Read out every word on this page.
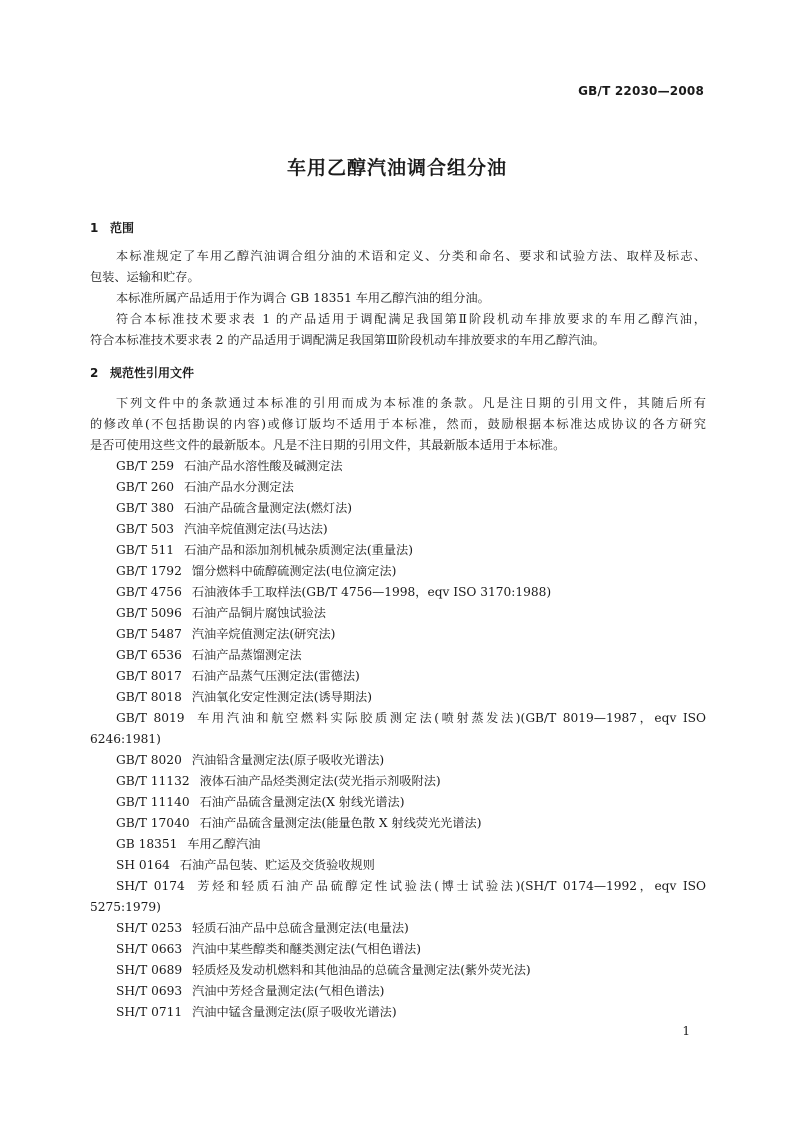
GB/T 22030—2008
车用乙醇汽油调合组分油
1 范围
本标准规定了车用乙醇汽油调合组分油的术语和定义、分类和命名、要求和试验方法、取样及标志、
包装、运输和贮存。
本标准所属产品适用于作为调合 GB 18351 车用乙醇汽油的组分油。
符合本标准技术要求表 1 的产品适用于调配满足我国第Ⅱ阶段机动车排放要求的车用乙醇汽油，
符合本标准技术要求表 2 的产品适用于调配满足我国第Ⅲ阶段机动车排放要求的车用乙醇汽油。
2 规范性引用文件
下列文件中的条款通过本标准的引用而成为本标准的条款。凡是注日期的引用文件，其随后所有
的修改单(不包括勘误的内容)或修订版均不适用于本标准，然而，鼓励根据本标准达成协议的各方研究
是否可使用这些文件的最新版本。凡是不注日期的引用文件，其最新版本适用于本标准。
GB/T 259 石油产品水溶性酸及碱测定法
GB/T 260 石油产品水分测定法
GB/T 380 石油产品硫含量测定法(燃灯法)
GB/T 503 汽油辛烷值测定法(马达法)
GB/T 511 石油产品和添加剂机械杂质测定法(重量法)
GB/T 1792 馏分燃料中硫醇硫测定法(电位滴定法)
GB/T 4756 石油液体手工取样法(GB/T 4756—1998，eqv ISO 3170:1988)
GB/T 5096 石油产品铜片腐蚀试验法
GB/T 5487 汽油辛烷值测定法(研究法)
GB/T 6536 石油产品蒸馏测定法
GB/T 8017 石油产品蒸气压测定法(雷德法)
GB/T 8018 汽油氧化安定性测定法(诱导期法)
GB/T 8019 车用汽油和航空燃料实际胶质测定法(喷射蒸发法)(GB/T 8019—1987，eqv ISO
6246:1981)
GB/T 8020 汽油铅含量测定法(原子吸收光谱法)
GB/T 11132 液体石油产品烃类测定法(荧光指示剂吸附法)
GB/T 11140 石油产品硫含量测定法(X 射线光谱法)
GB/T 17040 石油产品硫含量测定法(能量色散 X 射线荧光光谱法)
GB 18351 车用乙醇汽油
SH 0164 石油产品包装、贮运及交货验收规则
SH/T 0174 芳烃和轻质石油产品硫醇定性试验法(博士试验法)(SH/T 0174—1992，eqv ISO
5275:1979)
SH/T 0253 轻质石油产品中总硫含量测定法(电量法)
SH/T 0663 汽油中某些醇类和醚类测定法(气相色谱法)
SH/T 0689 轻质烃及发动机燃料和其他油品的总硫含量测定法(紫外荧光法)
SH/T 0693 汽油中芳烃含量测定法(气相色谱法)
SH/T 0711 汽油中锰含量测定法(原子吸收光谱法)
1
